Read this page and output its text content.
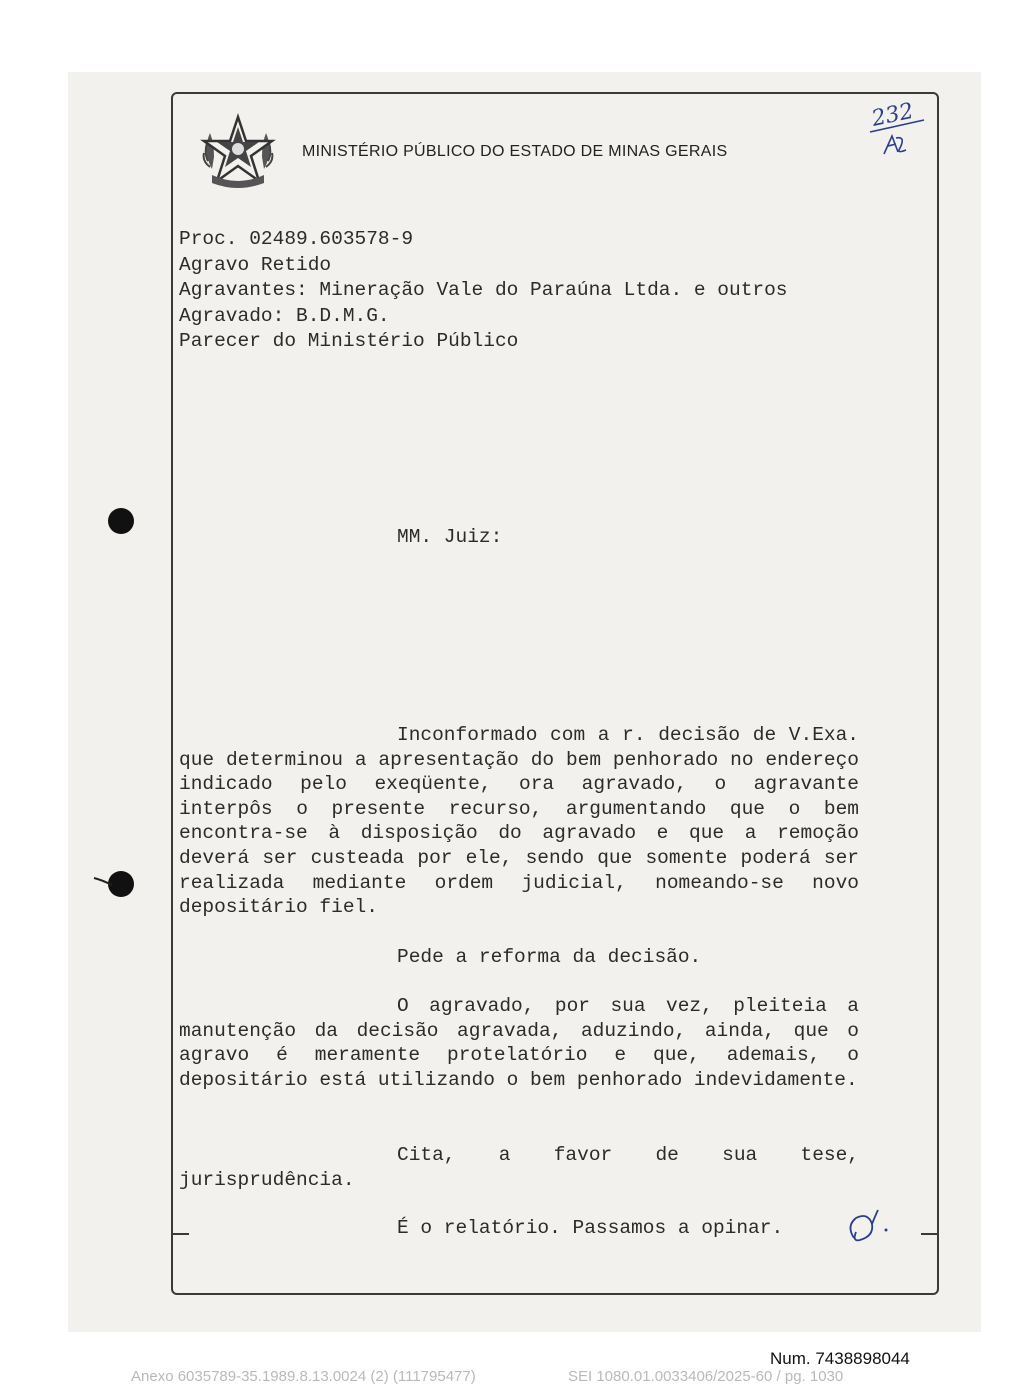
MINISTÉRIO PÚBLICO DO ESTADO DE MINAS GERAIS
232
Proc. 02489.603578-9
Agravo Retido
Agravantes: Mineração Vale do Paraúna Ltda. e outros
Agravado: B.D.M.G.
Parecer do Ministério Público
MM. Juiz:

Inconformado com a r. decisão de V.Exa. que determinou a apresentação do bem penhorado no endereço indicado pelo exeqüente, ora agravado, o agravante interpôs o presente recurso, argumentando que o bem encontra-se à disposição do agravado e que a remoção deverá ser custeada por ele, sendo que somente poderá ser realizada mediante ordem judicial, nomeando-se novo depositário fiel.

Pede a reforma da decisão.

O agravado, por sua vez, pleiteia a manutenção da decisão agravada, aduzindo, ainda, que o agravo é meramente protelatório e que, ademais, o depositário está utilizando o bem penhorado indevidamente.

Cita, a favor de sua tese, jurisprudência.

É o relatório. Passamos a opinar.

Num. 7438898044
Anexo 6035789-35.1989.8.13.0024 (2) (111795477)	SEI 1080.01.0033406/2025-60 / pg. 1030
